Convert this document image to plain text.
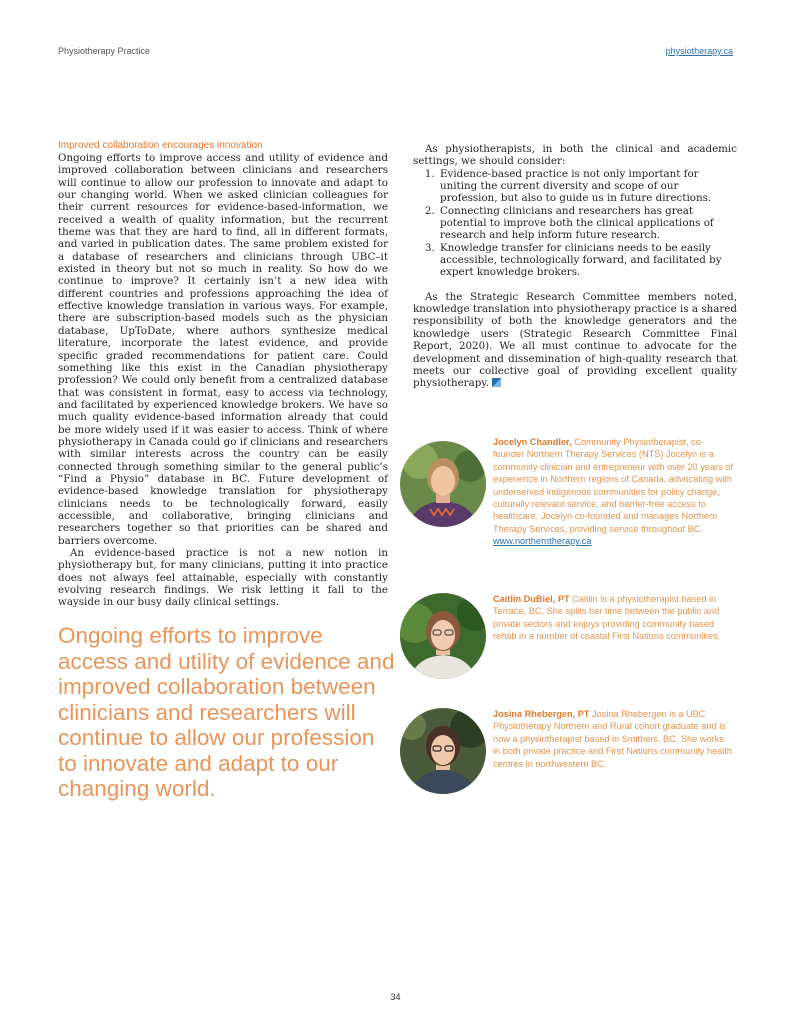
Physiotherapy Practice	physiotherapy.ca
Improved collaboration encourages innovation

Ongoing efforts to improve access and utility of evidence and improved collaboration between clinicians and researchers will continue to allow our profession to innovate and adapt to our changing world. When we asked clinician colleagues for their current resources for evidence-based-information, we received a wealth of quality information, but the recurrent theme was that they are hard to find, all in different formats, and varied in publication dates. The same problem existed for a database of researchers and clinicians through UBC–it existed in theory but not so much in reality. So how do we continue to improve? It certainly isn’t a new idea with different countries and professions approaching the idea of effective knowledge translation in various ways. For example, there are subscription-based models such as the physician database, UpToDate, where authors synthesize medical literature, incorporate the latest evidence, and provide specific graded recommendations for patient care. Could something like this exist in the Canadian physiotherapy profession? We could only benefit from a centralized database that was consistent in format, easy to access via technology, and facilitated by experienced knowledge brokers. We have so much quality evidence-based information already that could be more widely used if it was easier to access. Think of where physiotherapy in Canada could go if clinicians and researchers with similar interests across the country can be easily connected through something similar to the general public’s “Find a Physio” database in BC. Future development of evidence-based knowledge translation for physiotherapy clinicians needs to be technologically forward, easily accessible, and collaborative, bringing clinicians and researchers together so that priorities can be shared and barriers overcome.

An evidence-based practice is not a new notion in physiotherapy but, for many clinicians, putting it into practice does not always feel attainable, especially with constantly evolving research findings. We risk letting it fall to the wayside in our busy daily clinical settings.

Ongoing efforts to improve access and utility of evidence and improved collaboration between clinicians and researchers will continue to allow our profession to innovate and adapt to our changing world.

As physiotherapists, in both the clinical and academic settings, we should consider:

1. Evidence-based practice is not only important for uniting the current diversity and scope of our profession, but also to guide us in future directions.
2. Connecting clinicians and researchers has great potential to improve both the clinical applications of research and help inform future research.
3. Knowledge transfer for clinicians needs to be easily accessible, technologically forward, and facilitated by expert knowledge brokers.

As the Strategic Research Committee members noted, knowledge translation into physiotherapy practice is a shared responsibility of both the knowledge generators and the knowledge users (Strategic Research Committee Final Report, 2020). We all must continue to advocate for the development and dissemination of high-quality research that meets our collective goal of providing excellent quality physiotherapy.

Jocelyn Chandler, Community Physiotherapist, co-founder Northern Therapy Services (NTS) Jocelyn is a community clinician and entrepreneur with over 20 years of experience in Northern regions of Canada, advocating with underserved indigenous communities for policy change, culturally relevant service, and barrier-free access to healthcare. Jocelyn co-founded and manages Northern Therapy Services, providing service throughout BC. www.northerntherapy.ca
Caitlin DuBiel, PT Caitlin is a physiotherapist based in Terrace, BC. She splits her time between the public and private sectors and enjoys providing community based rehab in a number of coastal First Nations communities.
Josina Rhebergen, PT Josina Rhebergen is a UBC Physiotherapy Northern and Rural cohort graduate and is now a physiotherapist based in Smithers, BC. She works in both private practice and First Nations community health centres in northwestern BC.
34
